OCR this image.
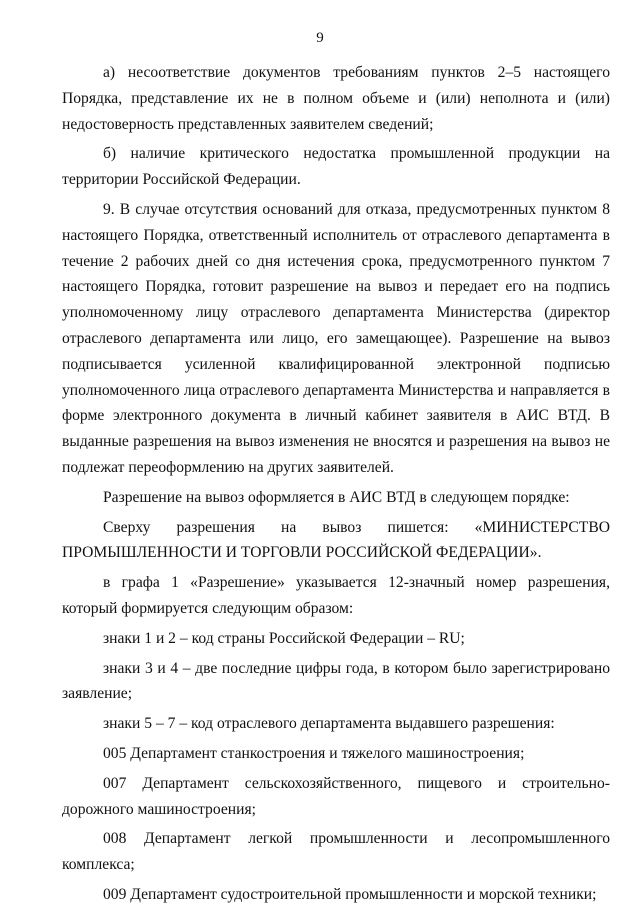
9

а) несоответствие документов требованиям пунктов 2–5 настоящего Порядка, представление их не в полном объеме и (или) неполнота и (или) недостоверность представленных заявителем сведений;

б) наличие критического недостатка промышленной продукции на территории Российской Федерации.

9. В случае отсутствия оснований для отказа, предусмотренных пунктом 8 настоящего Порядка, ответственный исполнитель от отраслевого департамента в течение 2 рабочих дней со дня истечения срока, предусмотренного пунктом 7 настоящего Порядка, готовит разрешение на вывоз и передает его на подпись уполномоченному лицу отраслевого департамента Министерства (директор отраслевого департамента или лицо, его замещающее). Разрешение на вывоз подписывается усиленной квалифицированной электронной подписью уполномоченного лица отраслевого департамента Министерства и направляется в форме электронного документа в личный кабинет заявителя в АИС ВТД. В выданные разрешения на вывоз изменения не вносятся и разрешения на вывоз не подлежат переоформлению на других заявителей.

Разрешение на вывоз оформляется в АИС ВТД в следующем порядке:

Сверху разрешения на вывоз пишется: «МИНИСТЕРСТВО ПРОМЫШЛЕННОСТИ И ТОРГОВЛИ РОССИЙСКОЙ ФЕДЕРАЦИИ».

в графа 1 «Разрешение» указывается 12-значный номер разрешения, который формируется следующим образом:

знаки 1 и 2 – код страны Российской Федерации – RU;

знаки 3 и 4 – две последние цифры года, в котором было зарегистрировано заявление;

знаки 5 – 7 – код отраслевого департамента выдавшего разрешения:

005 Департамент станкостроения и тяжелого машиностроения;

007 Департамент сельскохозяйственного, пищевого и строительно-дорожного машиностроения;

008 Департамент легкой промышленности и лесопромышленного комплекса;

009 Департамент судостроительной промышленности и морской техники;
